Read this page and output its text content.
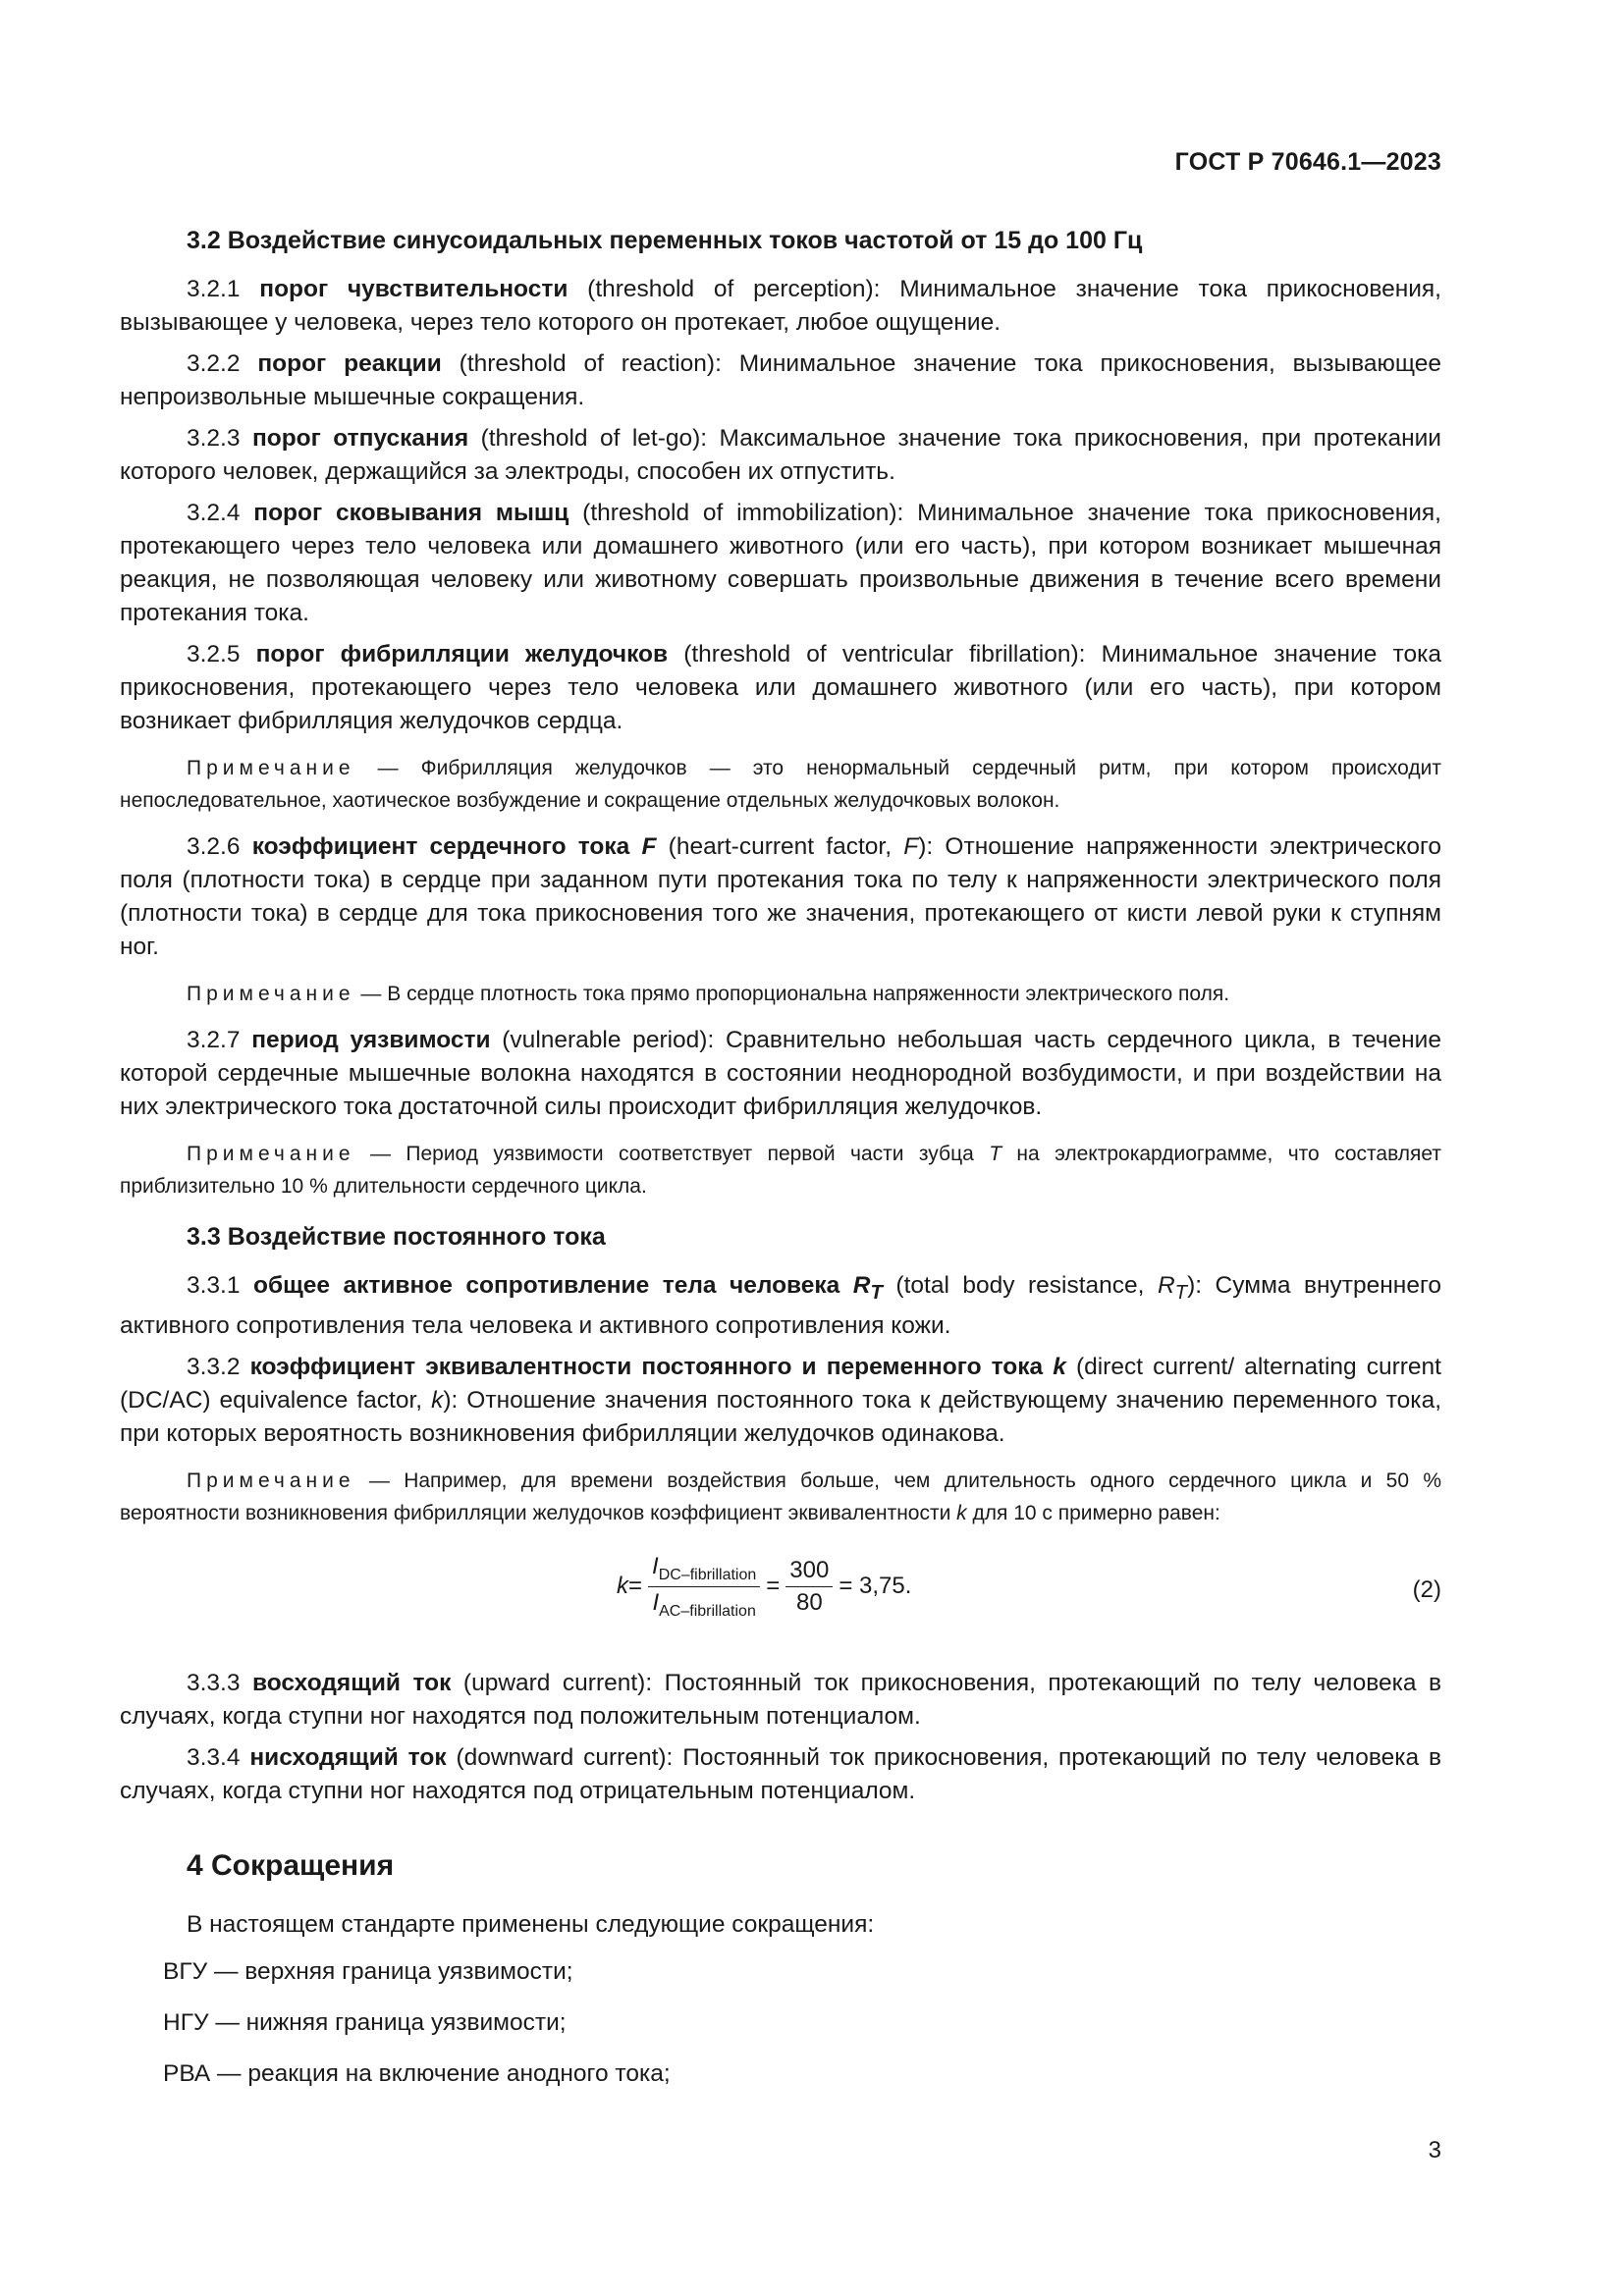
ГОСТ Р 70646.1—2023
3.2 Воздействие синусоидальных переменных токов частотой от 15 до 100 Гц

3.2.1 порог чувствительности (threshold of perception): Минимальное значение тока прикосновения, вызывающее у человека, через тело которого он протекает, любое ощущение.

3.2.2 порог реакции (threshold of reaction): Минимальное значение тока прикосновения, вызывающее непроизвольные мышечные сокращения.

3.2.3 порог отпускания (threshold of let-go): Максимальное значение тока прикосновения, при протекании которого человек, держащийся за электроды, способен их отпустить.

3.2.4 порог сковывания мышц (threshold of immobilization): Минимальное значение тока прикосновения, протекающего через тело человека или домашнего животного (или его часть), при котором возникает мышечная реакция, не позволяющая человеку или животному совершать произвольные движения в течение всего времени протекания тока.

3.2.5 порог фибрилляции желудочков (threshold of ventricular fibrillation): Минимальное значение тока прикосновения, протекающего через тело человека или домашнего животного (или его часть), при котором возникает фибрилляция желудочков сердца.

Примечание — Фибрилляция желудочков — это ненормальный сердечный ритм, при котором происходит непоследовательное, хаотическое возбуждение и сокращение отдельных желудочковых волокон.

3.2.6 коэффициент сердечного тока F (heart-current factor, F): Отношение напряженности электрического поля (плотности тока) в сердце при заданном пути протекания тока по телу к напряженности электрического поля (плотности тока) в сердце для тока прикосновения того же значения, протекающего от кисти левой руки к ступням ног.

Примечание — В сердце плотность тока прямо пропорциональна напряженности электрического поля.

3.2.7 период уязвимости (vulnerable period): Сравнительно небольшая часть сердечного цикла, в течение которой сердечные мышечные волокна находятся в состоянии неоднородной возбудимости, и при воздействии на них электрического тока достаточной силы происходит фибрилляция желудочков.

Примечание — Период уязвимости соответствует первой части зубца T на электрокардиограмме, что составляет приблизительно 10 % длительности сердечного цикла.

3.3 Воздействие постоянного тока

3.3.1 общее активное сопротивление тела человека $R_T$ (total body resistance, $R_T$): Сумма внутреннего активного сопротивления тела человека и активного сопротивления кожи.

3.3.2 коэффициент эквивалентности постоянного и переменного тока k (direct current/ alternating current (DC/AC) equivalence factor, k): Отношение значения постоянного тока к действующему значению переменного тока, при которых вероятность возникновения фибрилляции желудочков одинакова.

Примечание — Например, для времени воздействия больше, чем длительность одного сердечного цикла и 50 % вероятности возникновения фибрилляции желудочков коэффициент эквивалентности k для 10 с примерно равен:

$k = \frac{I_{DC-fibrillation}}{I_{AC-fibrillation}} = \frac{300}{80} = 3,75$.	(2)

3.3.3 восходящий ток (upward current): Постоянный ток прикосновения, протекающий по телу человека в случаях, когда ступни ног находятся под положительным потенциалом.

3.3.4 нисходящий ток (downward current): Постоянный ток прикосновения, протекающий по телу человека в случаях, когда ступни ног находятся под отрицательным потенциалом.

4 Сокращения
В настоящем стандарте применены следующие сокращения:
ВГУ — верхняя граница уязвимости;
НГУ — нижняя граница уязвимости;
РВА — реакция на включение анодного тока;
3
